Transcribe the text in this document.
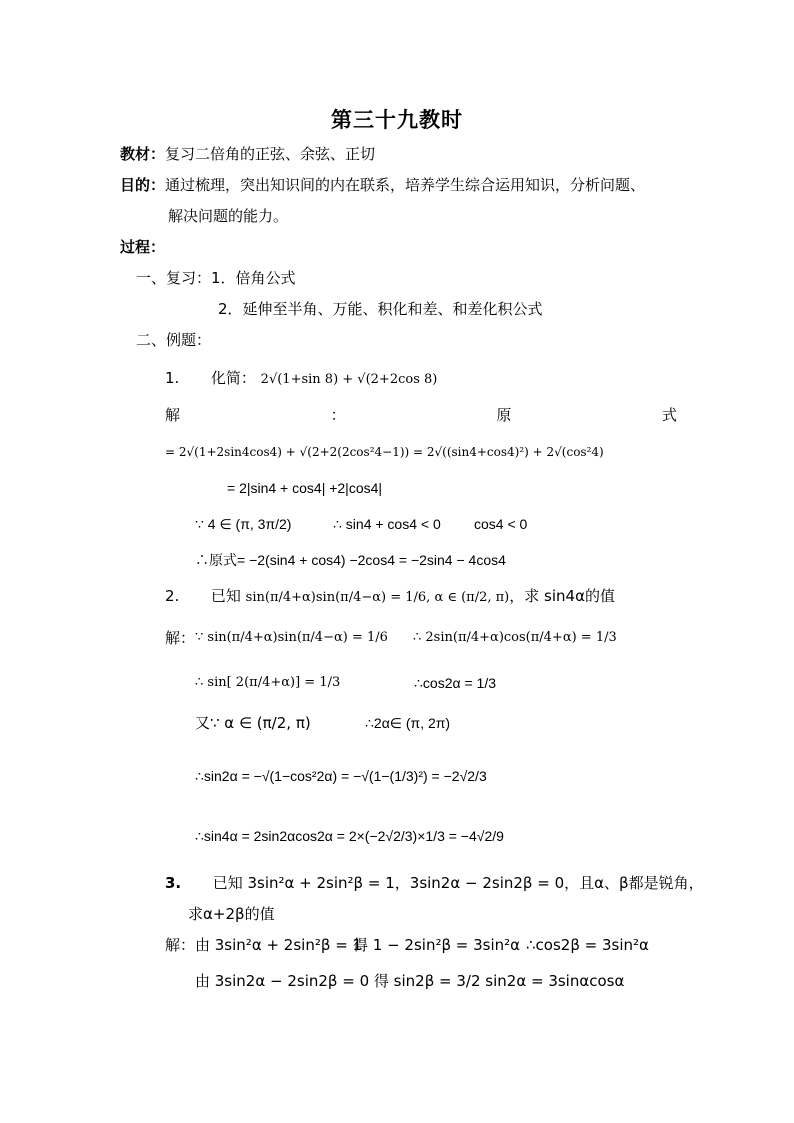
第三十九教时
教材：复习二倍角的正弦、余弦、正切
目的：通过梳理，突出知识间的内在联系，培养学生综合运用知识，分析问题、
解决问题的能力。
过程：
一、复习：1．倍角公式
2．延伸至半角、万能、积化和差、和差化积公式
二、例题：
1. 化简： 2√(1+sin 8) + √(2+2cos 8)
解	：	原	式
= 2√(1+2sin4cos4) + √(2+2(2cos²4−1)) = 2√((sin4+cos4)²) + 2√(cos²4)
= 2|sin4 + cos4| +2|cos4|
∵ 4 ∈ (π, 3π/2)	∴ sin4 + cos4 < 0 cos4 < 0
∴原式= −2(sin4 + cos4) −2cos4 = −2sin4 − 4cos4
2. 已知 sin(π/4+α)sin(π/4−α) = 1/6, α ∈ (π/2, π)，求 sin4α的值
解： ∵ sin(π/4+α)sin(π/4−α) = 1/6 ∴ 2sin(π/4+α)cos(π/4+α) = 1/3
∴ sin[ 2(π/4+α)] = 1/3	∴cos2α = 1/3
又∵ α ∈ (π/2, π)	∴2α∈ (π, 2π)
∴sin2α = −√(1−cos²2α) = −√(1−(1/3)²) = −2√2/3
∴sin4α = 2sin2αcos2α = 2×(−2√2/3)×1/3 = −4√2/9
3. 已知 3sin²α + 2sin²β = 1，3sin2α − 2sin2β = 0，且α、β都是锐角，
求α+2β的值
解：由 3sin²α + 2sin²β = 1
得 1 − 2sin²β = 3sin²α ∴cos2β = 3sin²α
由 3sin2α − 2sin2β = 0 得 sin2β = 3/2 sin2α = 3sinαcosα
